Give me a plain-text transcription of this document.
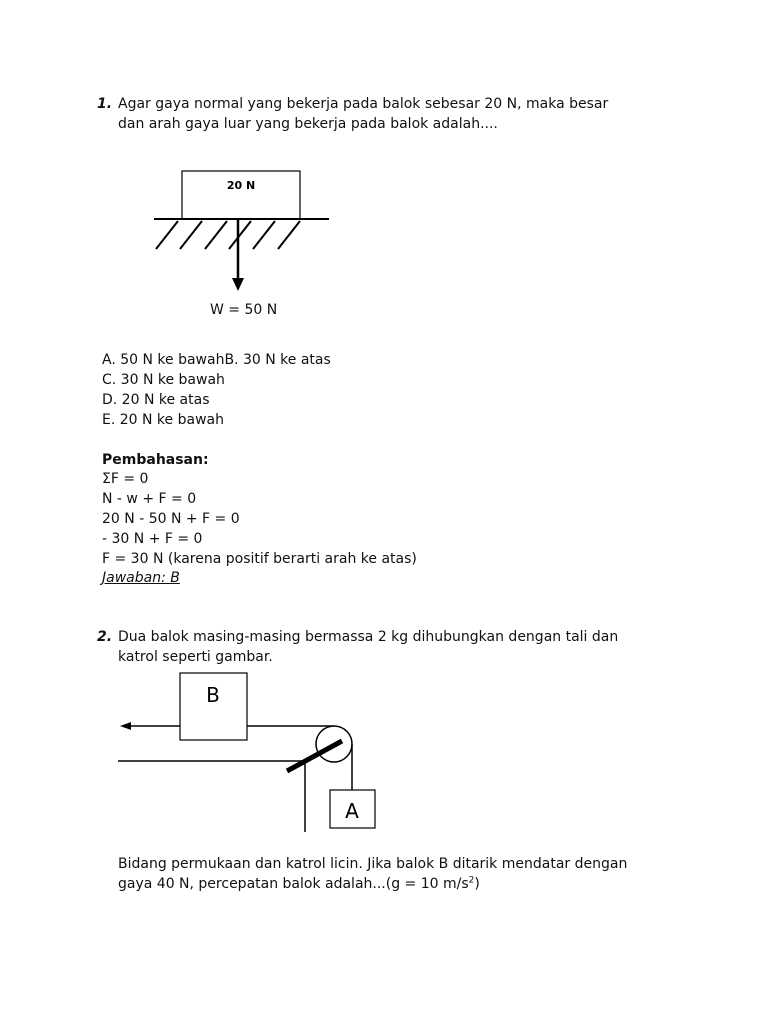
1. Agar gaya normal yang bekerja pada balok sebesar 20 N, maka besar
dan arah gaya luar yang bekerja pada balok adalah....
20 N
W = 50 N
A. 50 N ke bawahB. 30 N ke atas
C. 30 N ke bawah
D. 20 N ke atas
E. 20 N ke bawah
Pembahasan:
ΣF = 0
N - w + F = 0
20 N - 50 N + F = 0
- 30 N + F = 0
F = 30 N (karena positif berarti arah ke atas)
Jawaban: B
2. Dua balok masing-masing bermassa 2 kg dihubungkan dengan tali dan
katrol seperti gambar.
B
A
Bidang permukaan dan katrol licin. Jika balok B ditarik mendatar dengan
gaya 40 N, percepatan balok adalah...(g = 10 $m/s^2$)
